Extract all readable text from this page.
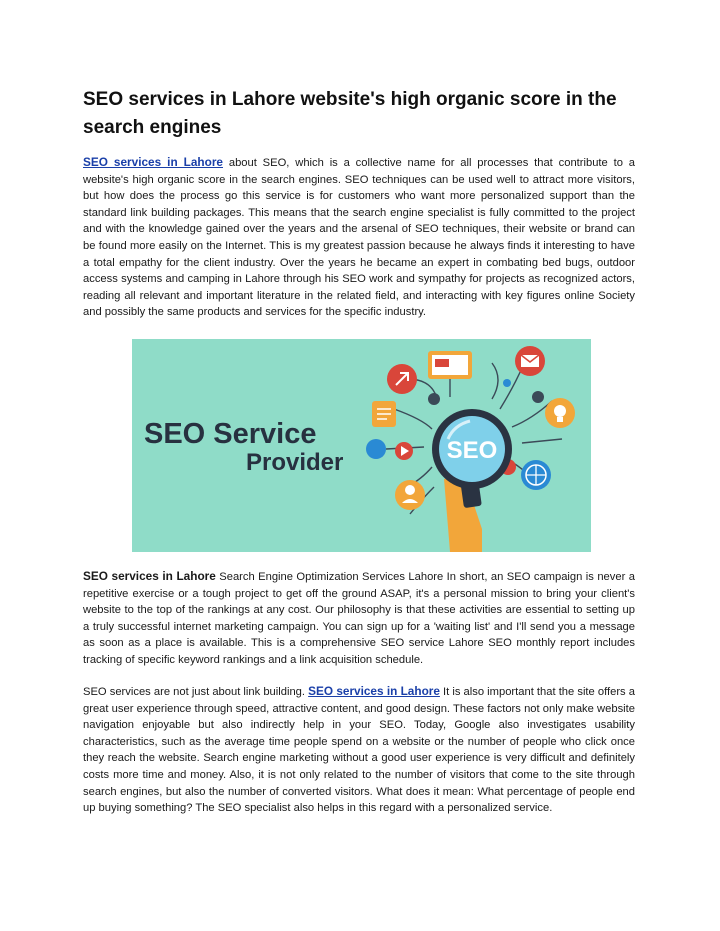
SEO services in Lahore website's high organic score in the search engines

SEO services in Lahore about SEO, which is a collective name for all processes that contribute to a website's high organic score in the search engines. SEO techniques can be used well to attract more visitors, but how does the process go this service is for customers who want more personalized support than the standard link building packages. This means that the search engine specialist is fully committed to the project and with the knowledge gained over the years and the arsenal of SEO techniques, their website or brand can be found more easily on the Internet. This is my greatest passion because he always finds it interesting to have a total empathy for the client industry. Over the years he became an expert in combating bed bugs, outdoor access systems and camping in Lahore through his SEO work and sympathy for projects as recognized actors, reading all relevant and important literature in the related field, and interacting with key figures online Society and possibly the same products and services for the specific industry.

SEO Service
Provider	SEO

SEO services in Lahore Search Engine Optimization Services Lahore In short, an SEO campaign is never a repetitive exercise or a tough project to get off the ground ASAP, it's a personal mission to bring your client's website to the top of the rankings at any cost. Our philosophy is that these activities are essential to setting up a truly successful internet marketing campaign. You can sign up for a 'waiting list' and I'll send you a message as soon as a place is available. This is a comprehensive SEO service Lahore SEO monthly report includes tracking of specific keyword rankings and a link acquisition schedule.

SEO services are not just about link building. SEO services in Lahore It is also important that the site offers a great user experience through speed, attractive content, and good design. These factors not only make website navigation enjoyable but also indirectly help in your SEO. Today, Google also investigates usability characteristics, such as the average time people spend on a website or the number of people who click once they reach the website. Search engine marketing without a good user experience is very difficult and definitely costs more time and money. Also, it is not only related to the number of visitors that come to the site through search engines, but also the number of converted visitors. What does it mean: What percentage of people end up buying something? The SEO specialist also helps in this regard with a personalized service.
